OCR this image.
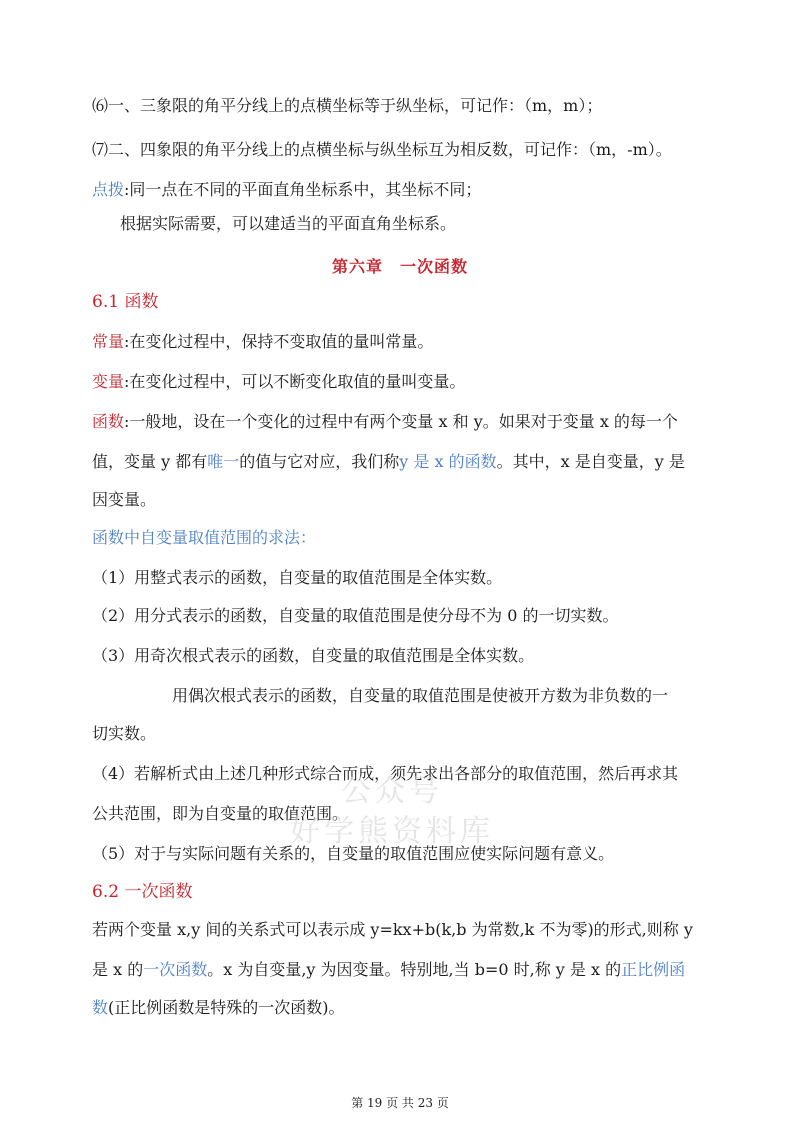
⑹一、三象限的角平分线上的点横坐标等于纵坐标，可记作：（m，m）；
⑺二、四象限的角平分线上的点横坐标与纵坐标互为相反数，可记作：（m，-m）。
点拨:同一点在不同的平面直角坐标系中，其坐标不同；
根据实际需要，可以建适当的平面直角坐标系。
第六章　一次函数
6.1 函数
常量:在变化过程中，保持不变取值的量叫常量。
变量:在变化过程中，可以不断变化取值的量叫变量。
函数:一般地，设在一个变化的过程中有两个变量 x 和 y。如果对于变量 x 的每一个
值，变量 y 都有唯一的值与它对应，我们称y 是 x 的函数。其中，x 是自变量，y 是
因变量。
函数中自变量取值范围的求法：
（1）用整式表示的函数，自变量的取值范围是全体实数。
（2）用分式表示的函数，自变量的取值范围是使分母不为 0 的一切实数。
（3）用奇次根式表示的函数，自变量的取值范围是全体实数。
用偶次根式表示的函数，自变量的取值范围是使被开方数为非负数的一
切实数。
（4）若解析式由上述几种形式综合而成，须先求出各部分的取值范围，然后再求其
公共范围，即为自变量的取值范围。
（5）对于与实际问题有关系的，自变量的取值范围应使实际问题有意义。
6.2 一次函数
若两个变量 x,y 间的关系式可以表示成 y=kx+b(k,b 为常数,k 不为零)的形式,则称 y
是 x 的一次函数。x 为自变量,y 为因变量。特别地,当 b=0 时,称 y 是 x 的正比例函
数(正比例函数是特殊的一次函数)。
公众号
好学熊资料库
第 19 页 共 23 页
